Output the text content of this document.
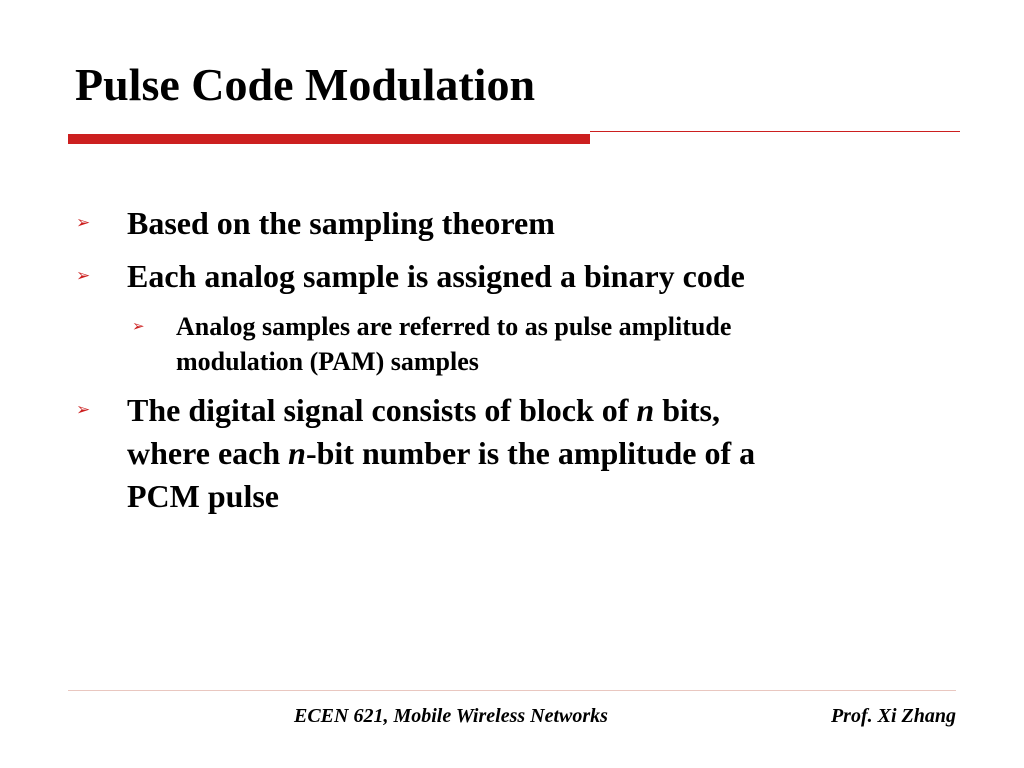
Pulse Code Modulation
➢ Based on the sampling theorem
➢ Each analog sample is assigned a binary code
➢ Analog samples are referred to as pulse amplitude
modulation (PAM) samples
➢ The digital signal consists of block of n bits,
where each n-bit number is the amplitude of a
PCM pulse
ECEN 621, Mobile Wireless Networks	Prof. Xi Zhang
